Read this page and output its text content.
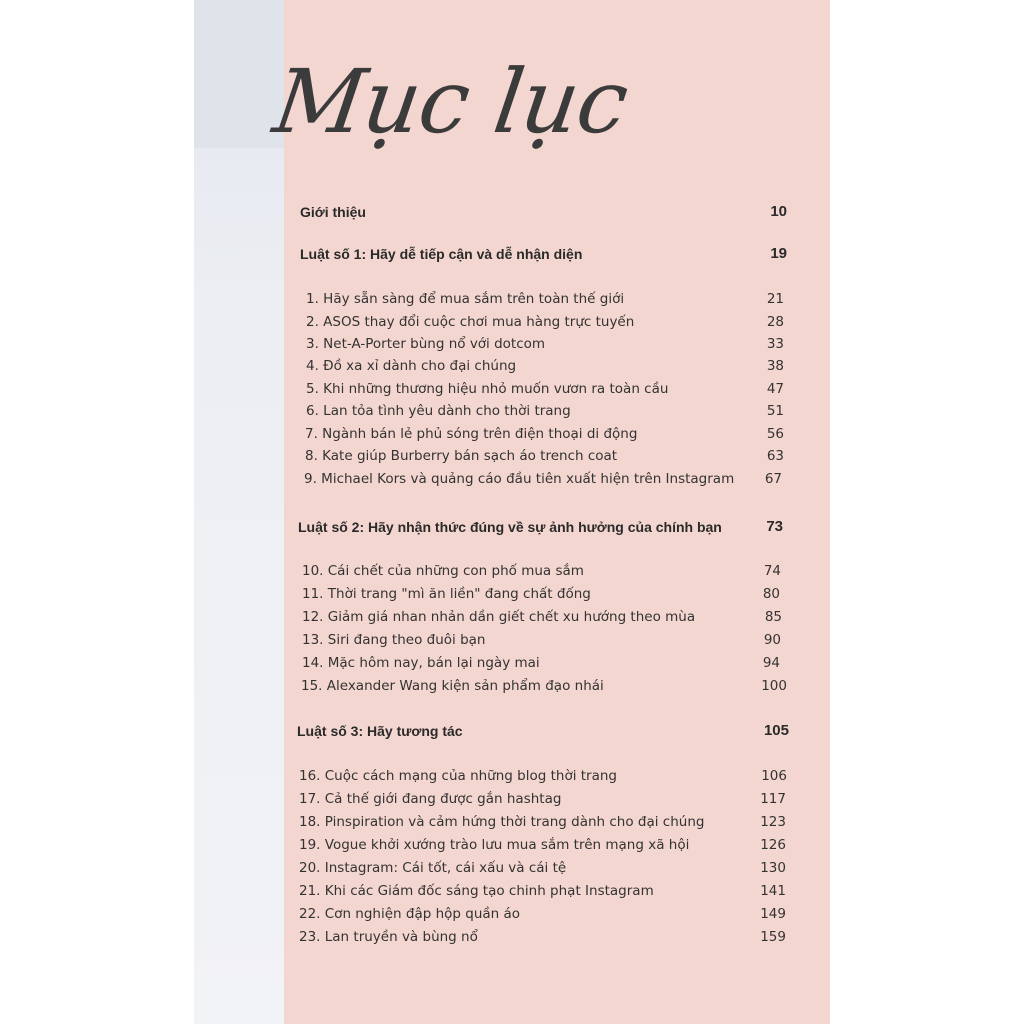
Mục lục
Giới thiệu	10
Luật số 1: Hãy dễ tiếp cận và dễ nhận diện	19
1. Hãy sẵn sàng để mua sắm trên toàn thế giới	21
2. ASOS thay đổi cuộc chơi mua hàng trực tuyến	28
3. Net-A-Porter bùng nổ với dotcom	33
4. Đồ xa xỉ dành cho đại chúng	38
5. Khi những thương hiệu nhỏ muốn vươn ra toàn cầu	47
6. Lan tỏa tình yêu dành cho thời trang	51
7. Ngành bán lẻ phủ sóng trên điện thoại di động	56
8. Kate giúp Burberry bán sạch áo trench coat	63
9. Michael Kors và quảng cáo đầu tiên xuất hiện trên Instagram 67
Luật số 2: Hãy nhận thức đúng về sự ảnh hưởng của chính bạn	73
10. Cái chết của những con phố mua sắm	74
11. Thời trang "mì ăn liền" đang chất đống	80
12. Giảm giá nhan nhản dần giết chết xu hướng theo mùa	85
13. Siri đang theo đuôi bạn	90
14. Mặc hôm nay, bán lại ngày mai	94
15. Alexander Wang kiện sản phẩm đạo nhái	100
Luật số 3: Hãy tương tác	105
16. Cuộc cách mạng của những blog thời trang	106
17. Cả thế giới đang được gắn hashtag	117
18. Pinspiration và cảm hứng thời trang dành cho đại chúng	123
19. Vogue khởi xướng trào lưu mua sắm trên mạng xã hội	126
20. Instagram: Cái tốt, cái xấu và cái tệ	130
21. Khi các Giám đốc sáng tạo chinh phạt Instagram	141
22. Cơn nghiện đập hộp quần áo	149
23. Lan truyền và bùng nổ	159
